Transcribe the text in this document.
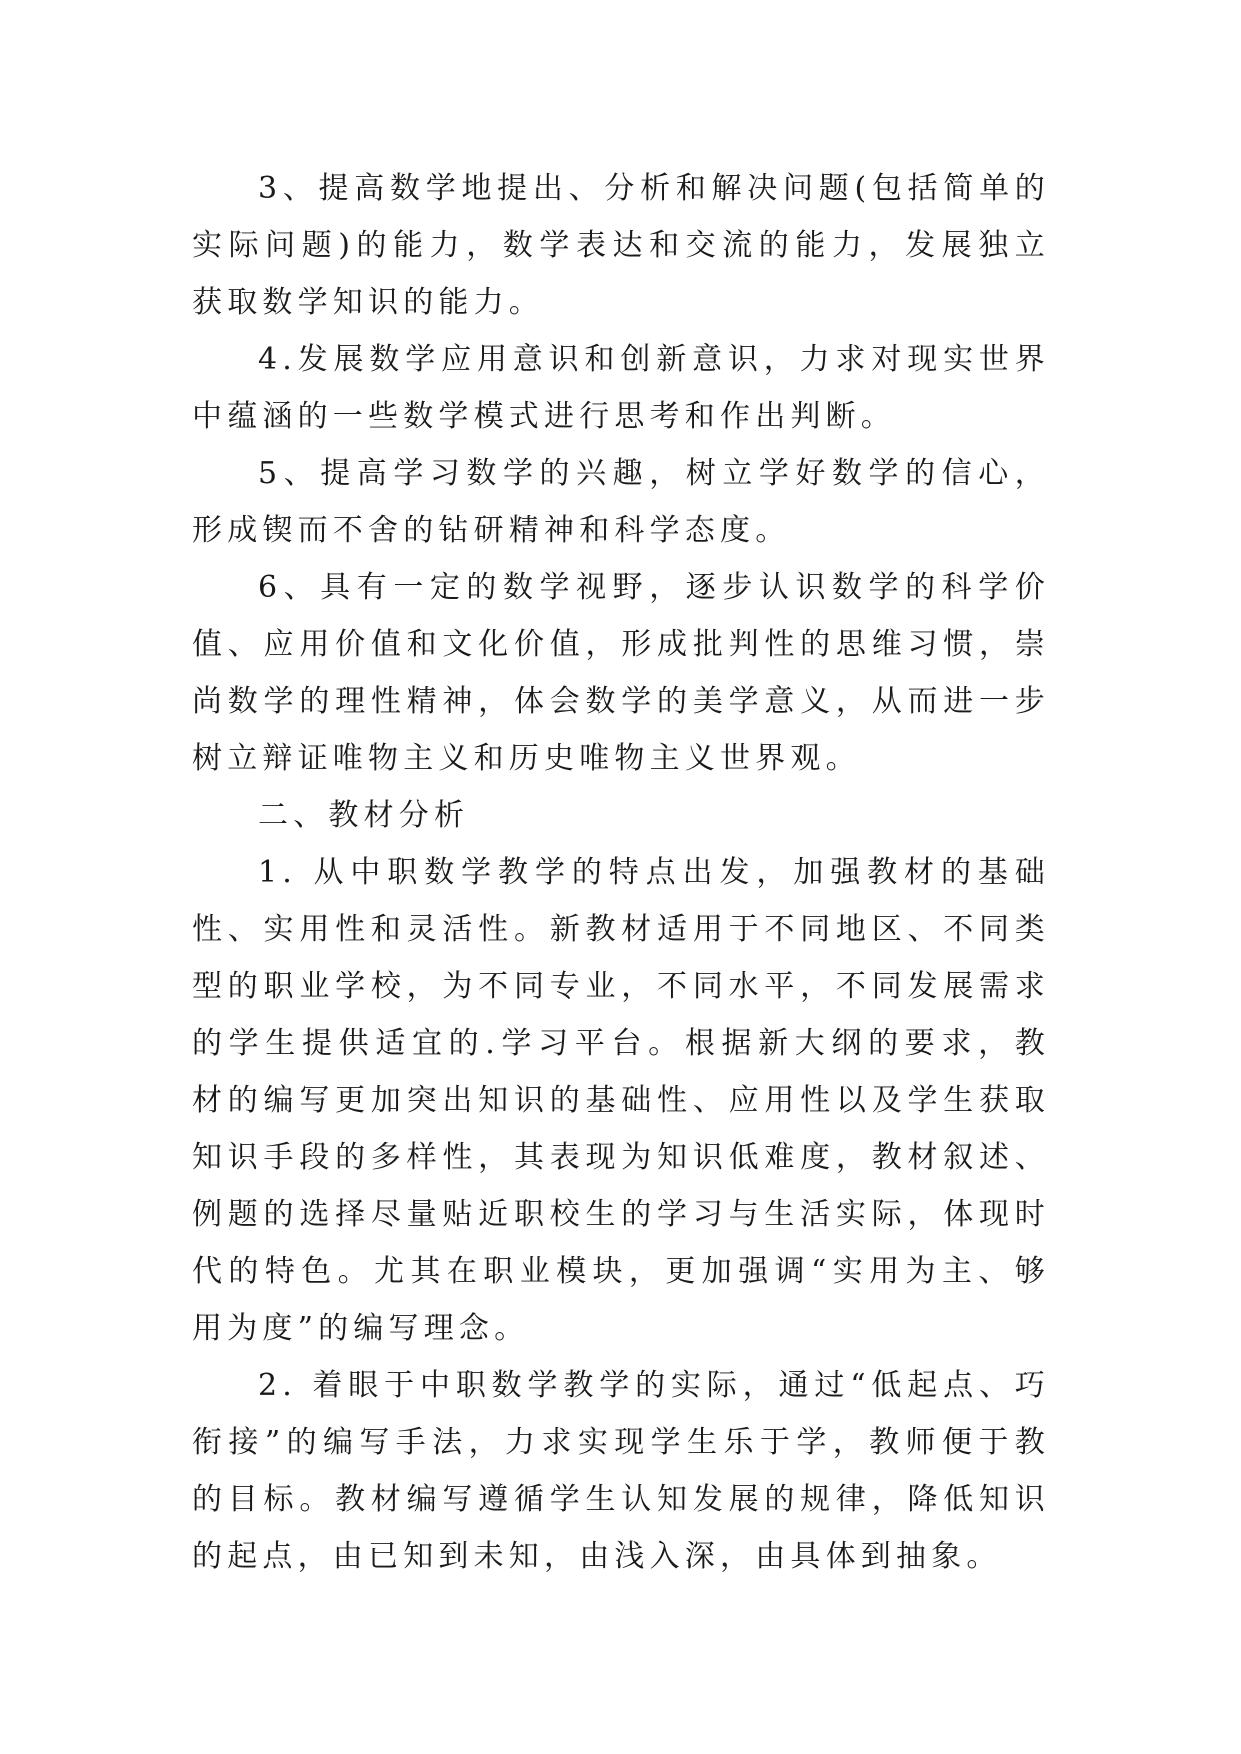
3、提高数学地提出、分析和解决问题(包括简单的实际问题)的能力，数学表达和交流的能力，发展独立获取数学知识的能力。

4.发展数学应用意识和创新意识，力求对现实世界中蕴涵的一些数学模式进行思考和作出判断。

5、提高学习数学的兴趣，树立学好数学的信心，形成锲而不舍的钻研精神和科学态度。

6、具有一定的数学视野，逐步认识数学的科学价值、应用价值和文化价值，形成批判性的思维习惯，崇尚数学的理性精神，体会数学的美学意义，从而进一步树立辩证唯物主义和历史唯物主义世界观。

二、教材分析

1. 从中职数学教学的特点出发，加强教材的基础性、实用性和灵活性。新教材适用于不同地区、不同类型的职业学校，为不同专业，不同水平，不同发展需求的学生提供适宜的.学习平台。根据新大纲的要求，教材的编写更加突出知识的基础性、应用性以及学生获取知识手段的多样性，其表现为知识低难度，教材叙述、例题的选择尽量贴近职校生的学习与生活实际，体现时代的特色。尤其在职业模块，更加强调“实用为主、够用为度”的编写理念。

2. 着眼于中职数学教学的实际，通过“低起点、巧衔接”的编写手法，力求实现学生乐于学，教师便于教的目标。教材编写遵循学生认知发展的规律，降低知识的起点，由已知到未知，由浅入深，由具体到抽象。
